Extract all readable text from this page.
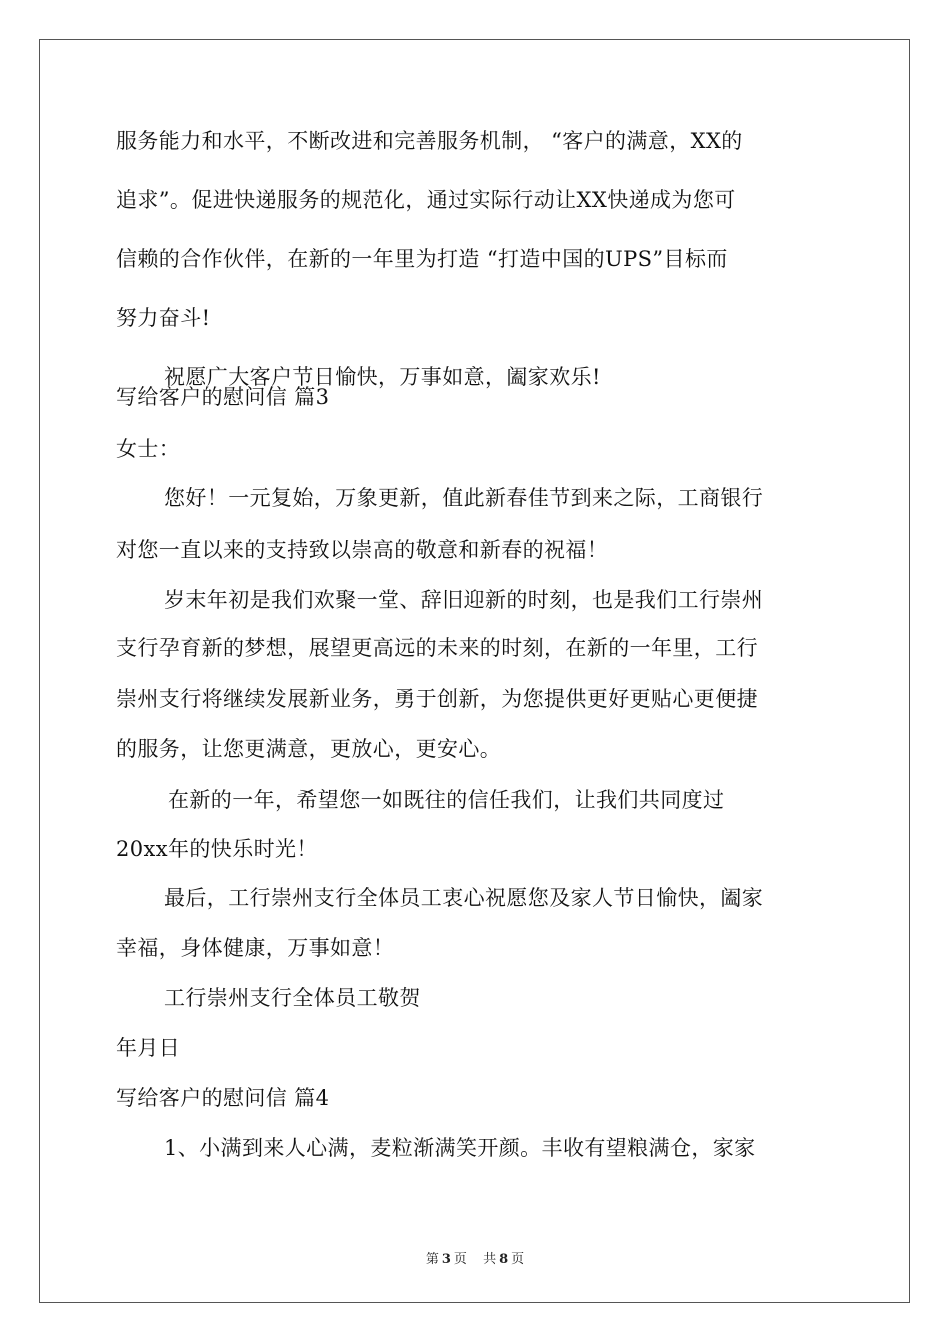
服务能力和水平，不断改进和完善服务机制， “客户的满意，XX的
追求”。促进快递服务的规范化，通过实际行动让XX快递成为您可
信赖的合作伙伴，在新的一年里为打造 “打造中国的UPS”目标而
努力奋斗!
祝愿广大客户节日愉快，万事如意，阖家欢乐!
写给客户的慰问信 篇3
女士：
您好！一元复始，万象更新，值此新春佳节到来之际，工商银行
对您一直以来的支持致以崇高的敬意和新春的祝福！
岁末年初是我们欢聚一堂、辞旧迎新的时刻，也是我们工行崇州
支行孕育新的梦想，展望更高远的未来的时刻，在新的一年里，工行
崇州支行将继续发展新业务，勇于创新，为您提供更好更贴心更便捷
的服务，让您更满意，更放心，更安心。
在新的一年，希望您一如既往的信任我们，让我们共同度过
20xx年的快乐时光！
最后，工行崇州支行全体员工衷心祝愿您及家人节日愉快，阖家
幸福，身体健康，万事如意！
工行崇州支行全体员工敬贺
年月日
写给客户的慰问信 篇4
1、小满到来人心满，麦粒渐满笑开颜。丰收有望粮满仓，家家
第 3 页 共 8 页
